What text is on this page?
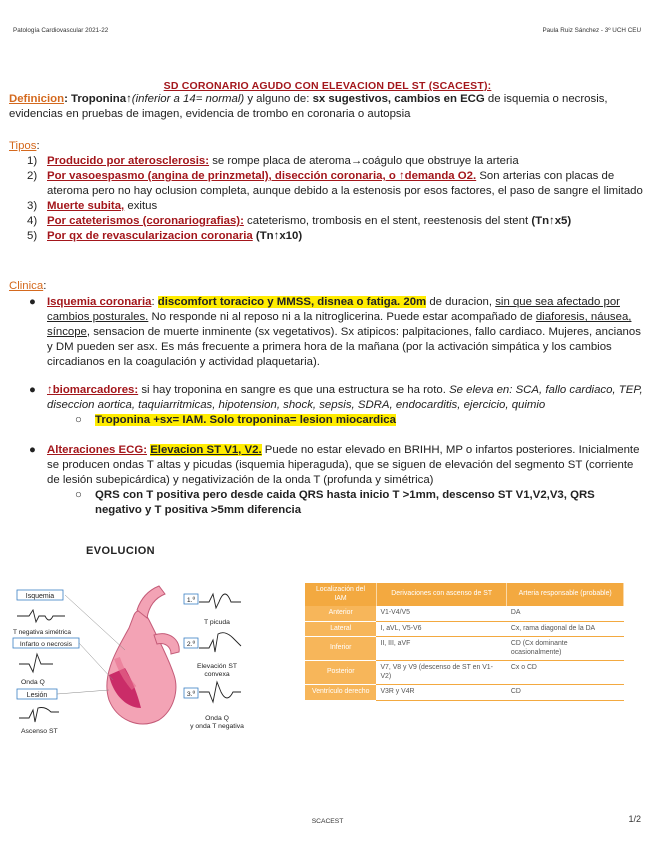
Patología Cardiovascular 2021-22	Paula Ruiz Sánchez - 3º UCH CEU
SD CORONARIO AGUDO CON ELEVACION DEL ST (SCACEST):
Definicion: Troponina↑(inferior a 14= normal) y alguno de: sx sugestivos, cambios en ECG de isquemia o necrosis, evidencias en pruebas de imagen, evidencia de trombo en coronaria o autopsia
Tipos:
1) Producido por aterosclerosis: se rompe placa de ateroma→coágulo que obstruye la arteria
2) Por vasoespasmo (angina de prinzmetal), disección coronaria, o ↑demanda O2. Son arterias con placas de ateroma pero no hay oclusion completa, aunque debido a la estenosis por esos factores, el paso de sangre el limitado
3) Muerte subita, exitus
4) Por cateterismos (coronariografias): cateterismo, trombosis en el stent, reestenosis del stent (Tn↑x5)
5) Por qx de revascularizacion coronaria (Tn↑x10)
Clinica:
● Isquemia coronaria: discomfort toracico y MMSS, disnea o fatiga. 20m de duracion, sin que sea afectado por cambios posturales. No responde ni al reposo ni a la nitroglicerina. Puede estar acompañado de diaforesis, náusea, síncope, sensacion de muerte inminente (sx vegetativos). Sx atipicos: palpitaciones, fallo cardiaco. Mujeres, ancianos y DM pueden ser asx. Es más frecuente a primera hora de la mañana (por la activación simpática y los cambios circadianos en la coagulación y actividad plaquetaria).
● ↑biomarcadores: si hay troponina en sangre es que una estructura se ha roto. Se eleva en: SCA, fallo cardiaco, TEP, diseccion aortica, taquiarritmicas, hipotension, shock, sepsis, SDRA, endocarditis, ejercicio, quimio
○ Troponina +sx= IAM. Solo troponina= lesion miocardica
● Alteraciones ECG: Elevacion ST V1, V2. Puede no estar elevado en BRIHH, MP o infartos posteriores. Inicialmente se producen ondas T altas y picudas (isquemia hiperaguda), que se siguen de elevación del segmento ST (corriente de lesión subepicárdica) y negativización de la onda T (profunda y simétrica)
○ QRS con T positiva pero desde caida QRS hasta inicio T >1mm, descenso ST V1,V2,V3, QRS negativo y T positiva >5mm diferencia
EVOLUCION
Isquemia
T negativa simétrica
Infarto o necrosis
Onda Q
Lesión
Ascenso ST
1.º
T picuda
2.º
Elevación ST
convexa
3.º
Onda Q
y onda T negativa
Localización del IAM	Derivaciones con ascenso de ST	Arteria responsable (probable)
Anterior	V1-V4/V5	DA
Lateral	I, aVL, V5-V6	Cx, rama diagonal de la DA
Inferior	II, III, aVF	CD (Cx dominante ocasionalmente)
Posterior	V7, V8 y V9 (descenso de ST en V1-V2)	Cx o CD
Ventrículo derecho	V3R y V4R	CD
SCACEST	1/2
